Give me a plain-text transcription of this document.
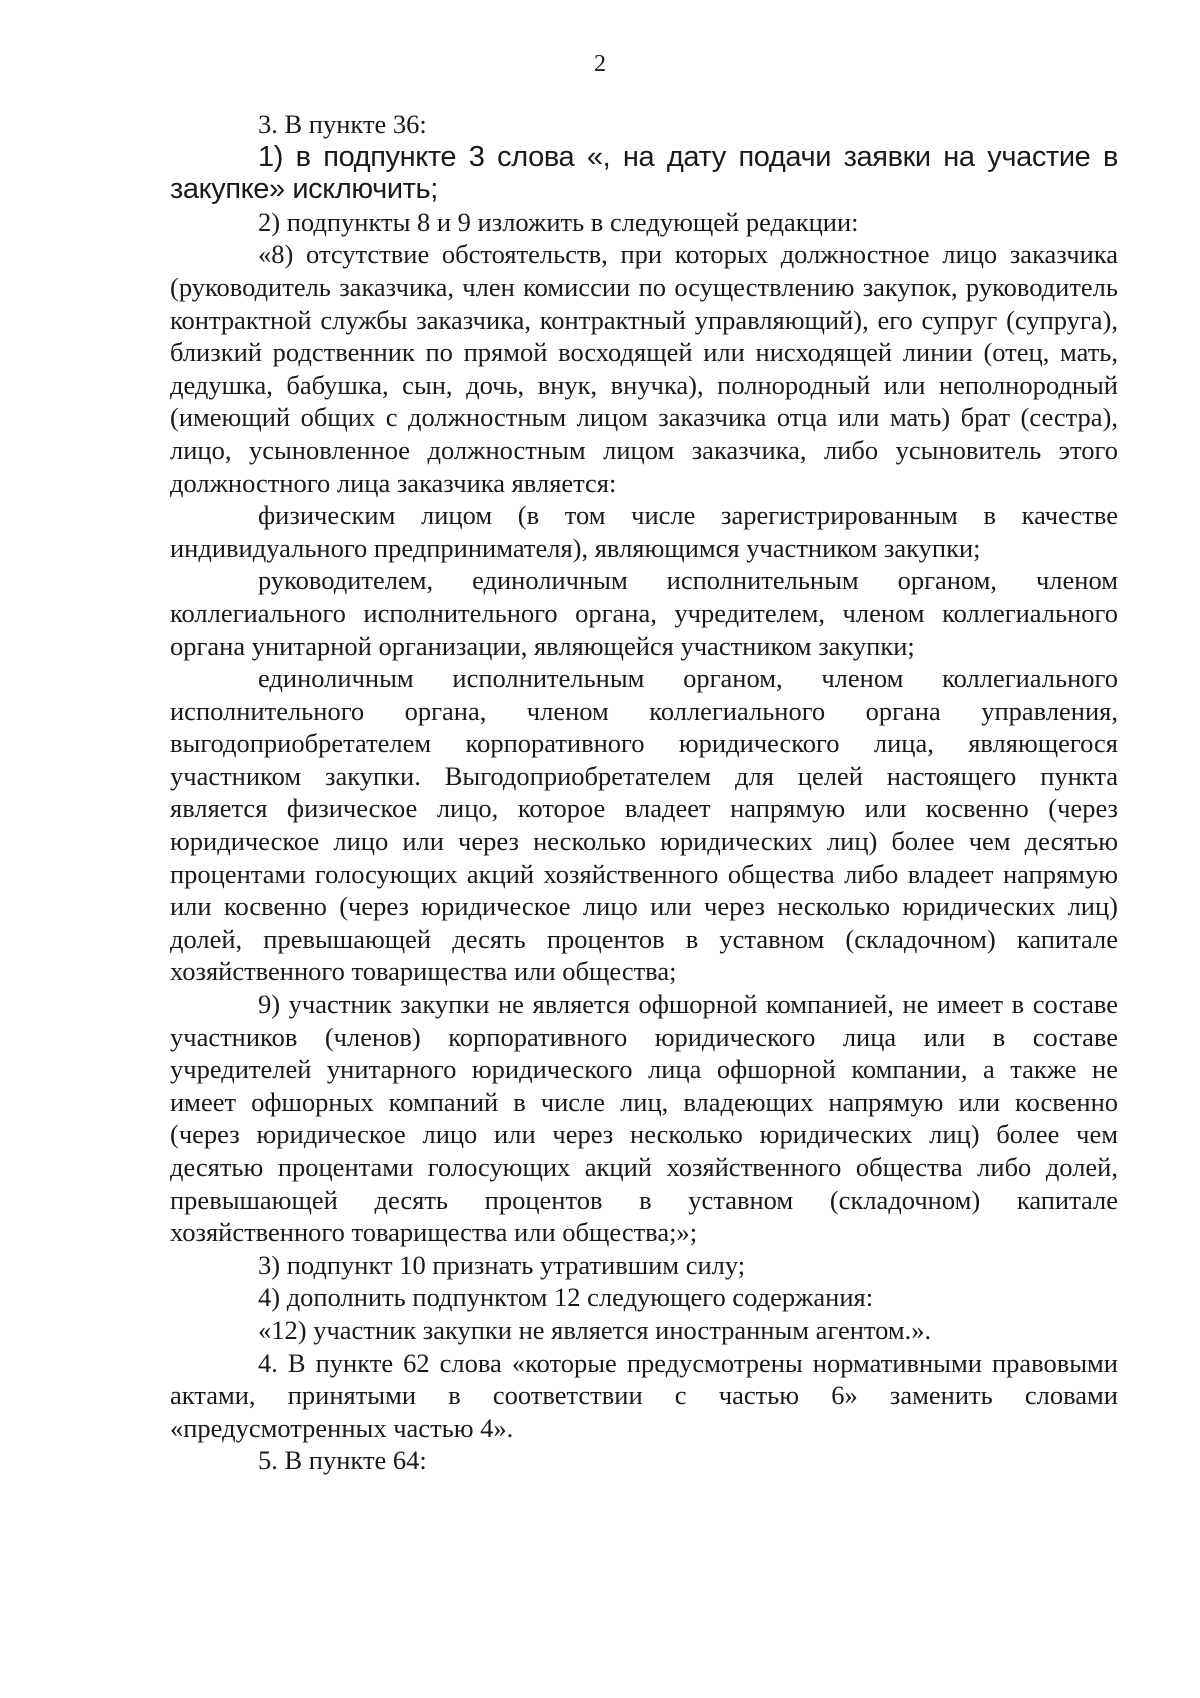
2

3. В пункте 36:

1) в подпункте 3 слова «, на дату подачи заявки на участие в закупке» исключить;

2) подпункты 8 и 9 изложить в следующей редакции:

«8) отсутствие обстоятельств, при которых должностное лицо заказчика (руководитель заказчика, член комиссии по осуществлению закупок, руководитель контрактной службы заказчика, контрактный управляющий), его супруг (супруга), близкий родственник по прямой восходящей или нисходящей линии (отец, мать, дедушка, бабушка, сын, дочь, внук, внучка), полнородный или неполнородный (имеющий общих с должностным лицом заказчика отца или мать) брат (сестра), лицо, усыновленное должностным лицом заказчика, либо усыновитель этого должностного лица заказчика является:

физическим лицом (в том числе зарегистрированным в качестве индивидуального предпринимателя), являющимся участником закупки;

руководителем, единоличным исполнительным органом, членом коллегиального исполнительного органа, учредителем, членом коллегиального органа унитарной организации, являющейся участником закупки;

единоличным исполнительным органом, членом коллегиального исполнительного органа, членом коллегиального органа управления, выгодоприобретателем корпоративного юридического лица, являющегося участником закупки. Выгодоприобретателем для целей настоящего пункта является физическое лицо, которое владеет напрямую или косвенно (через юридическое лицо или через несколько юридических лиц) более чем десятью процентами голосующих акций хозяйственного общества либо владеет напрямую или косвенно (через юридическое лицо или через несколько юридических лиц) долей, превышающей десять процентов в уставном (складочном) капитале хозяйственного товарищества или общества;

9) участник закупки не является офшорной компанией, не имеет в составе участников (членов) корпоративного юридического лица или в составе учредителей унитарного юридического лица офшорной компании, а также не имеет офшорных компаний в числе лиц, владеющих напрямую или косвенно (через юридическое лицо или через несколько юридических лиц) более чем десятью процентами голосующих акций хозяйственного общества либо долей, превышающей десять процентов в уставном (складочном) капитале хозяйственного товарищества или общества;»;

3) подпункт 10 признать утратившим силу;

4) дополнить подпунктом 12 следующего содержания:

«12) участник закупки не является иностранным агентом.».

4. В пункте 62 слова «которые предусмотрены нормативными правовыми актами, принятыми в соответствии с частью 6» заменить словами «предусмотренных частью 4».

5. В пункте 64:
